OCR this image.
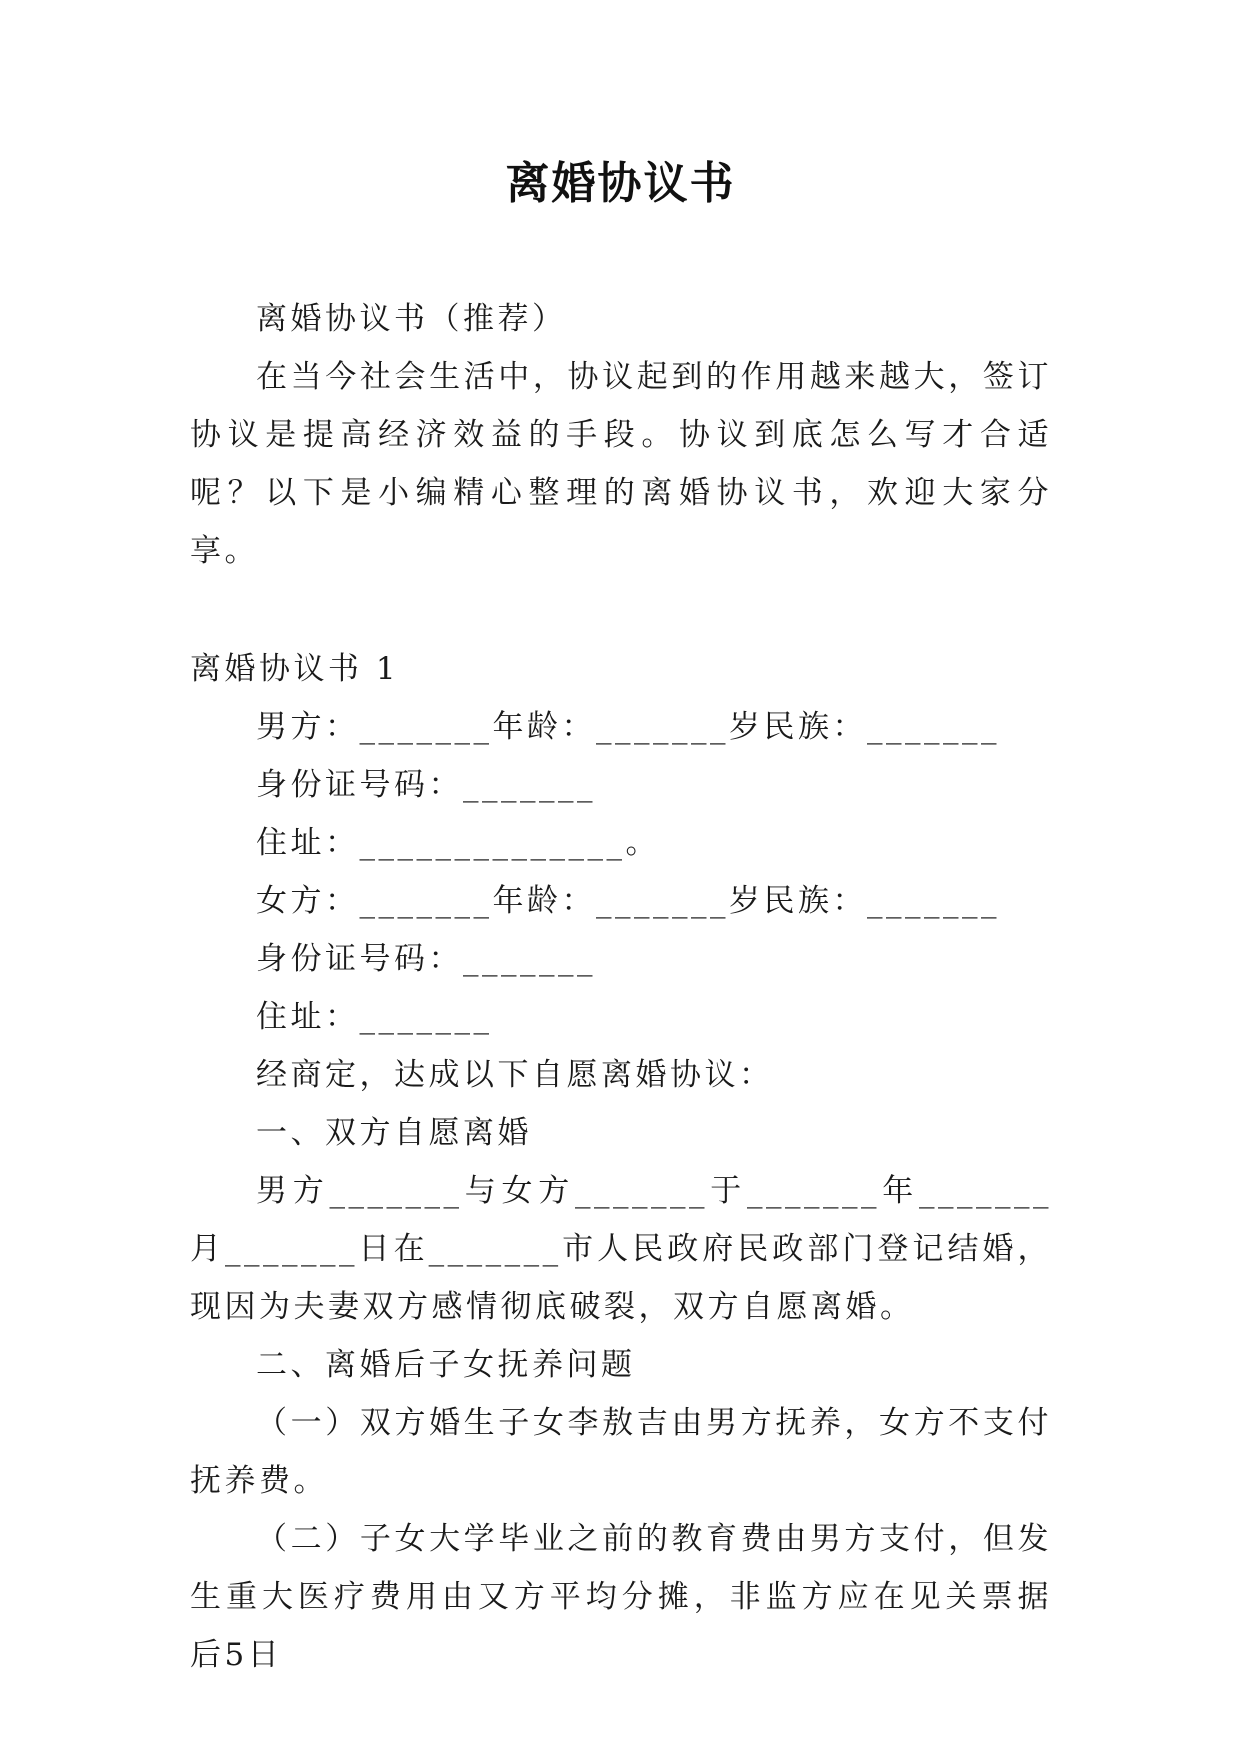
离婚协议书

离婚协议书（推荐）

在当今社会生活中，协议起到的作用越来越大，签订协议是提高经济效益的手段。协议到底怎么写才合适呢？以下是小编精心整理的离婚协议书，欢迎大家分享。

离婚协议书 1

男方：_______年龄：_______岁民族：_______

身份证号码：_______

住址：______________。

女方：_______年龄：_______岁民族：_______

身份证号码：_______

住址：_______

经商定，达成以下自愿离婚协议：

一、双方自愿离婚

男方_______与女方_______于_______年_______月_______日在_______市人民政府民政部门登记结婚，现因为夫妻双方感情彻底破裂，双方自愿离婚。

二、离婚后子女抚养问题

（一）双方婚生子女李敖吉由男方抚养，女方不支付抚养费。

（二）子女大学毕业之前的教育费由男方支付，但发生重大医疗费用由又方平均分摊，非监方应在见关票据后5日
